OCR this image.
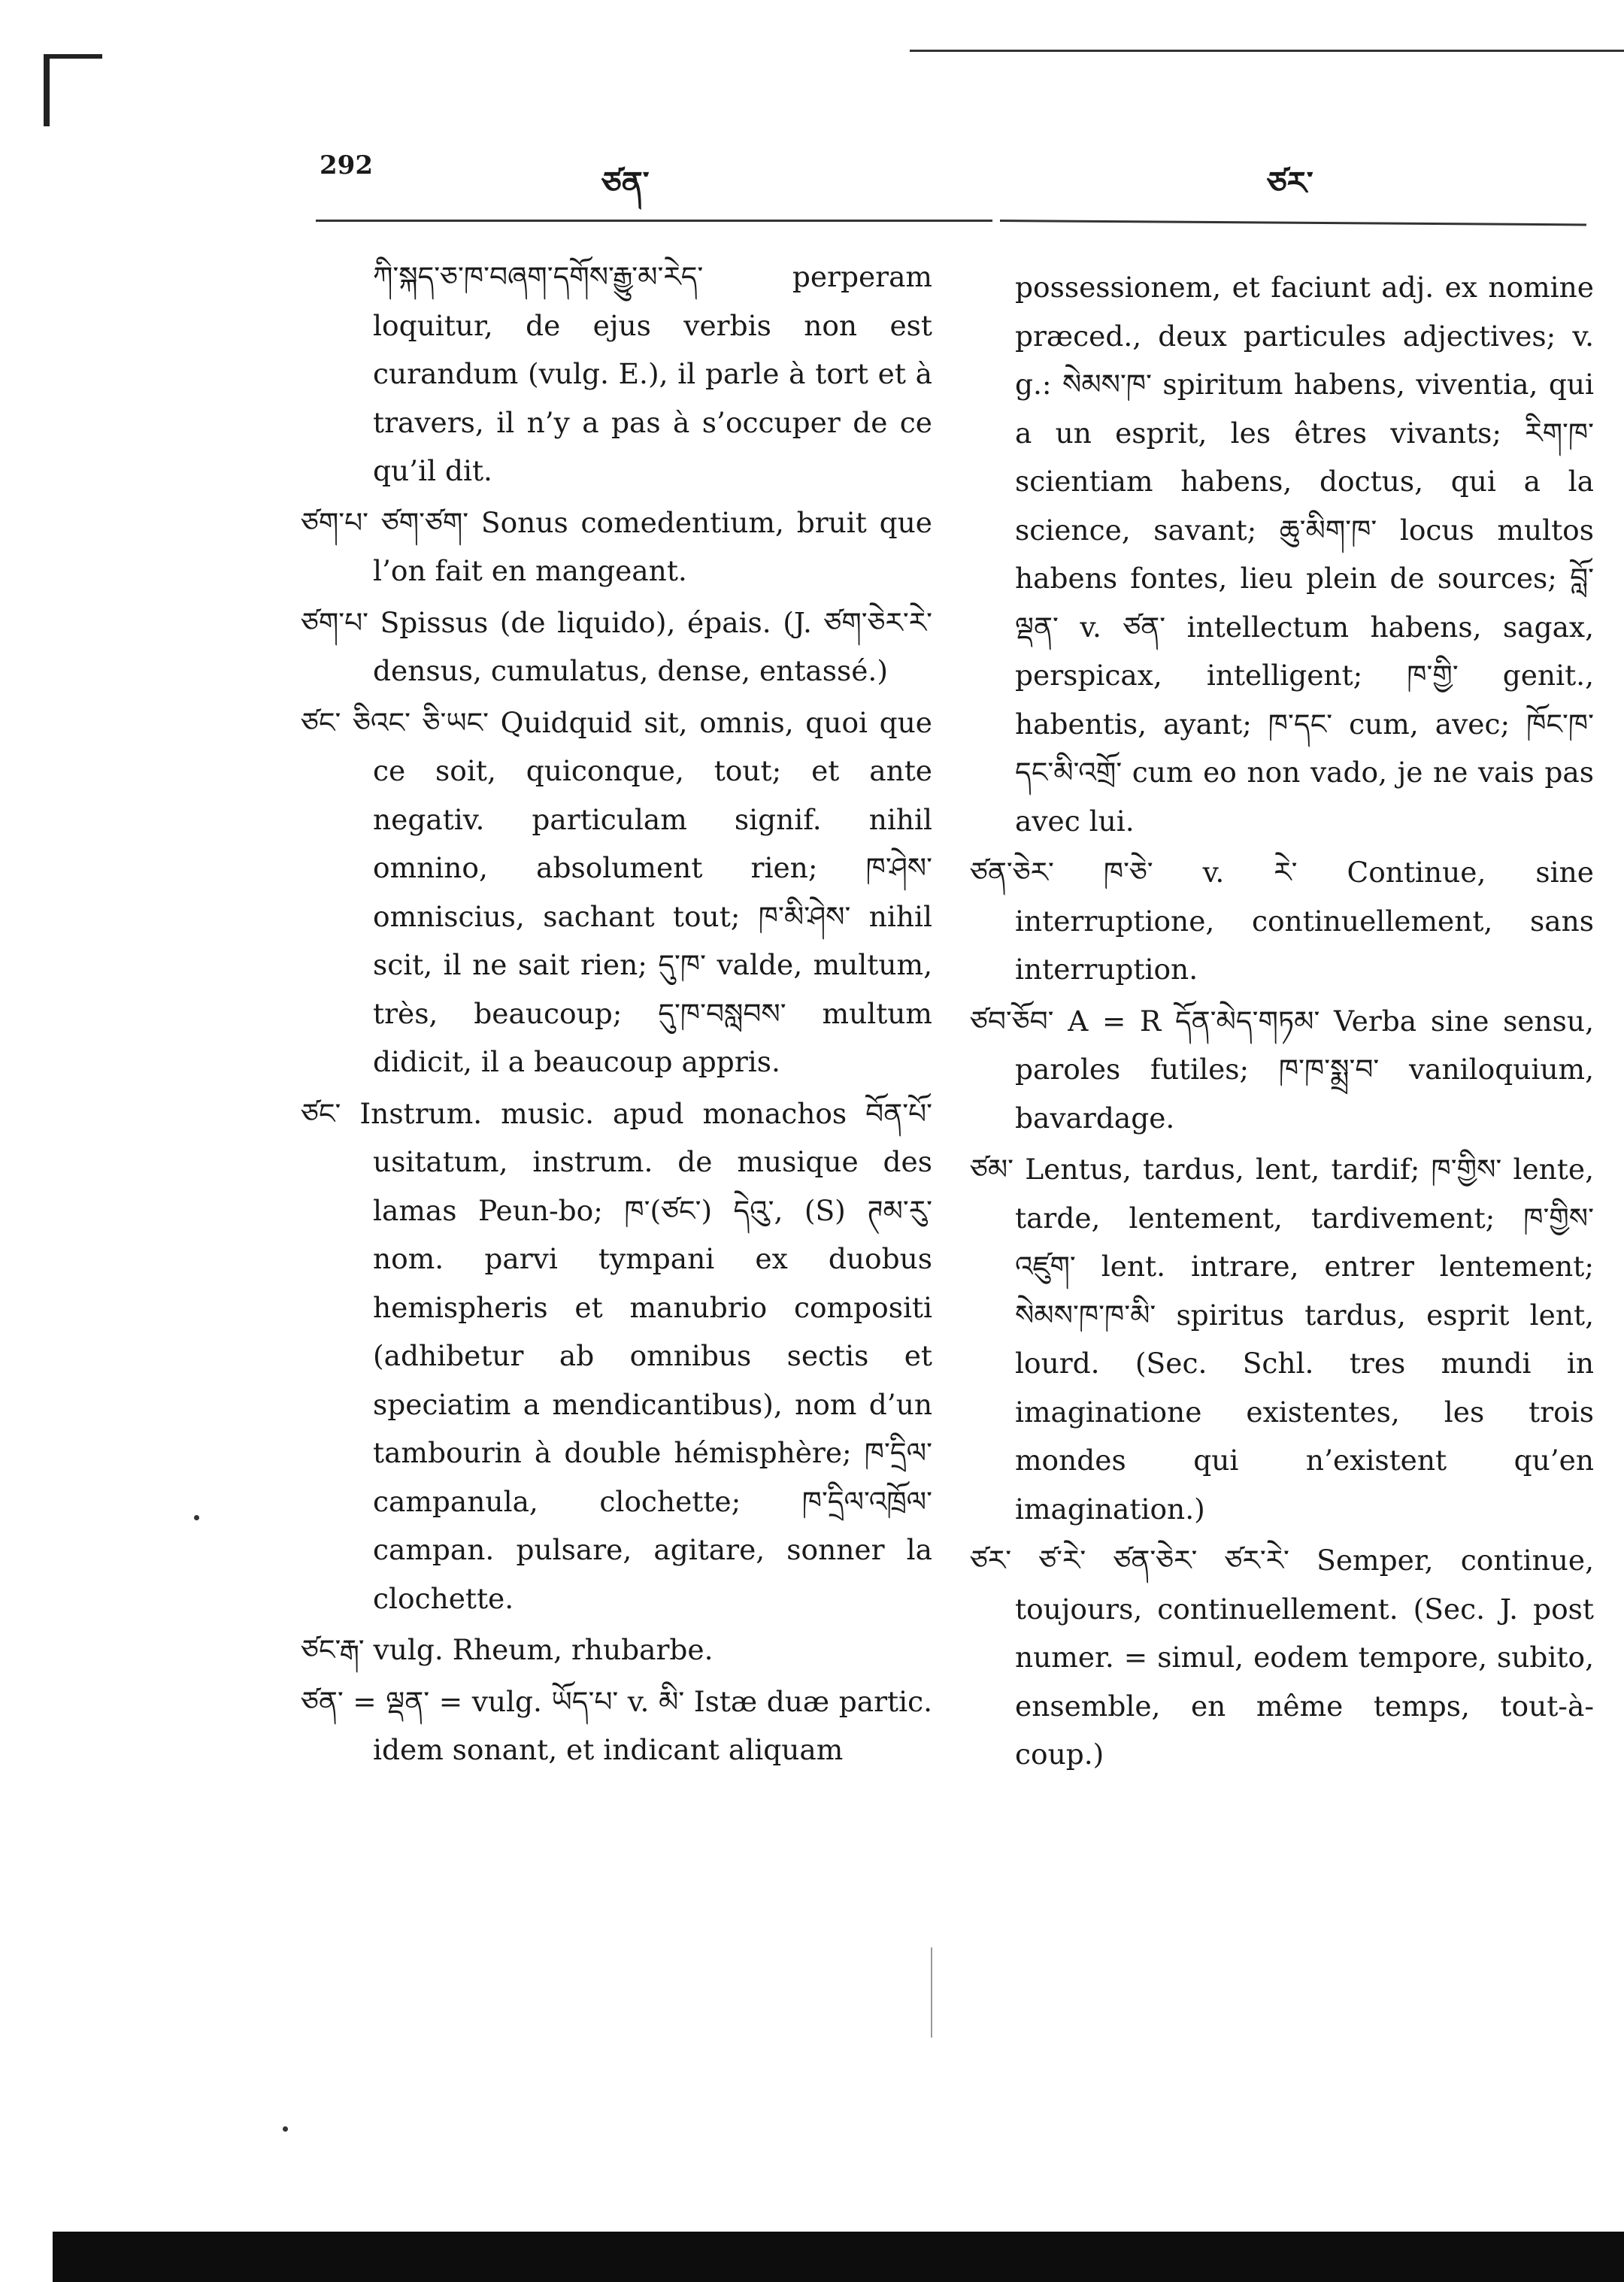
292	ཙན་	ཙར་

ཀི་སྐད་ཅ་ཁ་བཞག་དགོས་རྒྱུ་མ་རེད་ perperam loquitur, de ejus verbis non est curandum (vulg. E.), il parle à tort et à travers, il n’y a pas à s’occuper de ce qu’il dit.

ཙག་པ་ ཙག་ཙག་ Sonus comedentium, bruit que l’on fait en mangeant.

ཙག་པ་ Spissus (de liquido), épais. (J. ཙག་ཅེར་རེ་ densus, cumulatus, dense, entassé.)

ཙང་ ཅིའང་ ཅི་ཡང་ Quidquid sit, omnis, quoi que ce soit, quiconque, tout; et ante negativ. particulam signif. nihil omnino, absolument rien; ཁ་ཤེས་ omniscius, sachant tout; ཁ་མི་ཤེས་ nihil scit, il ne sait rien; དུ་ཁ་ valde, multum, très, beaucoup; དུ་ཁ་བསླབས་ multum didicit, il a beaucoup appris.

ཙང་ Instrum. music. apud monachos བོན་པོ་ usitatum, instrum. de musique des lamas Peun-bo; ཁ་(ཙང་) དེའུ་, (S) ཊམ་རུ་ nom. parvi tympani ex duobus hemispheris et manubrio compositi (adhibetur ab omnibus sectis et speciatim a mendicantibus), nom d’un tambourin à double hémisphère; ཁ་དྲིལ་ campanula, clochette; ཁ་དྲིལ་འཁྲོལ་ campan. pulsare, agitare, sonner la clochette.

ཙང་རྒ་ vulg. Rheum, rhubarbe.

ཙན་ = ལྡན་ = vulg. ཡོད་པ་ v. མི་ Istæ duæ partic. idem sonant, et indicant aliquam

possessionem, et faciunt adj. ex nomine præced., deux particules adjectives; v. g.: སེམས་ཁ་ spiritum habens, viventia, qui a un esprit, les êtres vivants; རིག་ཁ་ scientiam habens, doctus, qui a la science, savant; ཆུ་མིག་ཁ་ locus multos habens fontes, lieu plein de sources; བློ་ལྡན་ v. ཙན་ intellectum habens, sagax, perspicax, intelligent; ཁ་གྱི་ genit., habentis, ayant; ཁ་དང་ cum, avec; ཁོང་ཁ་དང་མི་འགྲོ་ cum eo non vado, je ne vais pas avec lui.

ཙན་ཅེར་ ཁ་ཅེ་ v. རེ་ Continue, sine interruptione, continuellement, sans interruption.

ཙབ་ཅོབ་ A = R དོན་མེད་གཏམ་ Verba sine sensu, paroles futiles; ཁ་ཁ་སྨྲ་བ་ vaniloquium, bavardage.

ཙམ་ Lentus, tardus, lent, tardif; ཁ་གྱིས་ lente, tarde, lentement, tardivement; ཁ་གྱིས་འཛུག་ lent. intrare, entrer lentement; སེམས་ཁ་ཁ་མི་ spiritus tardus, esprit lent, lourd. (Sec. Schl. tres mundi in imaginatione existentes, les trois mondes qui n’existent qu’en imagination.)

ཙར་ ཙ་རེ་ ཙན་ཅེར་ ཙར་རེ་ Semper, continue, toujours, continuellement. (Sec. J. post numer. = simul, eodem tempore, subito, ensemble, en même temps, tout-à-coup.)
